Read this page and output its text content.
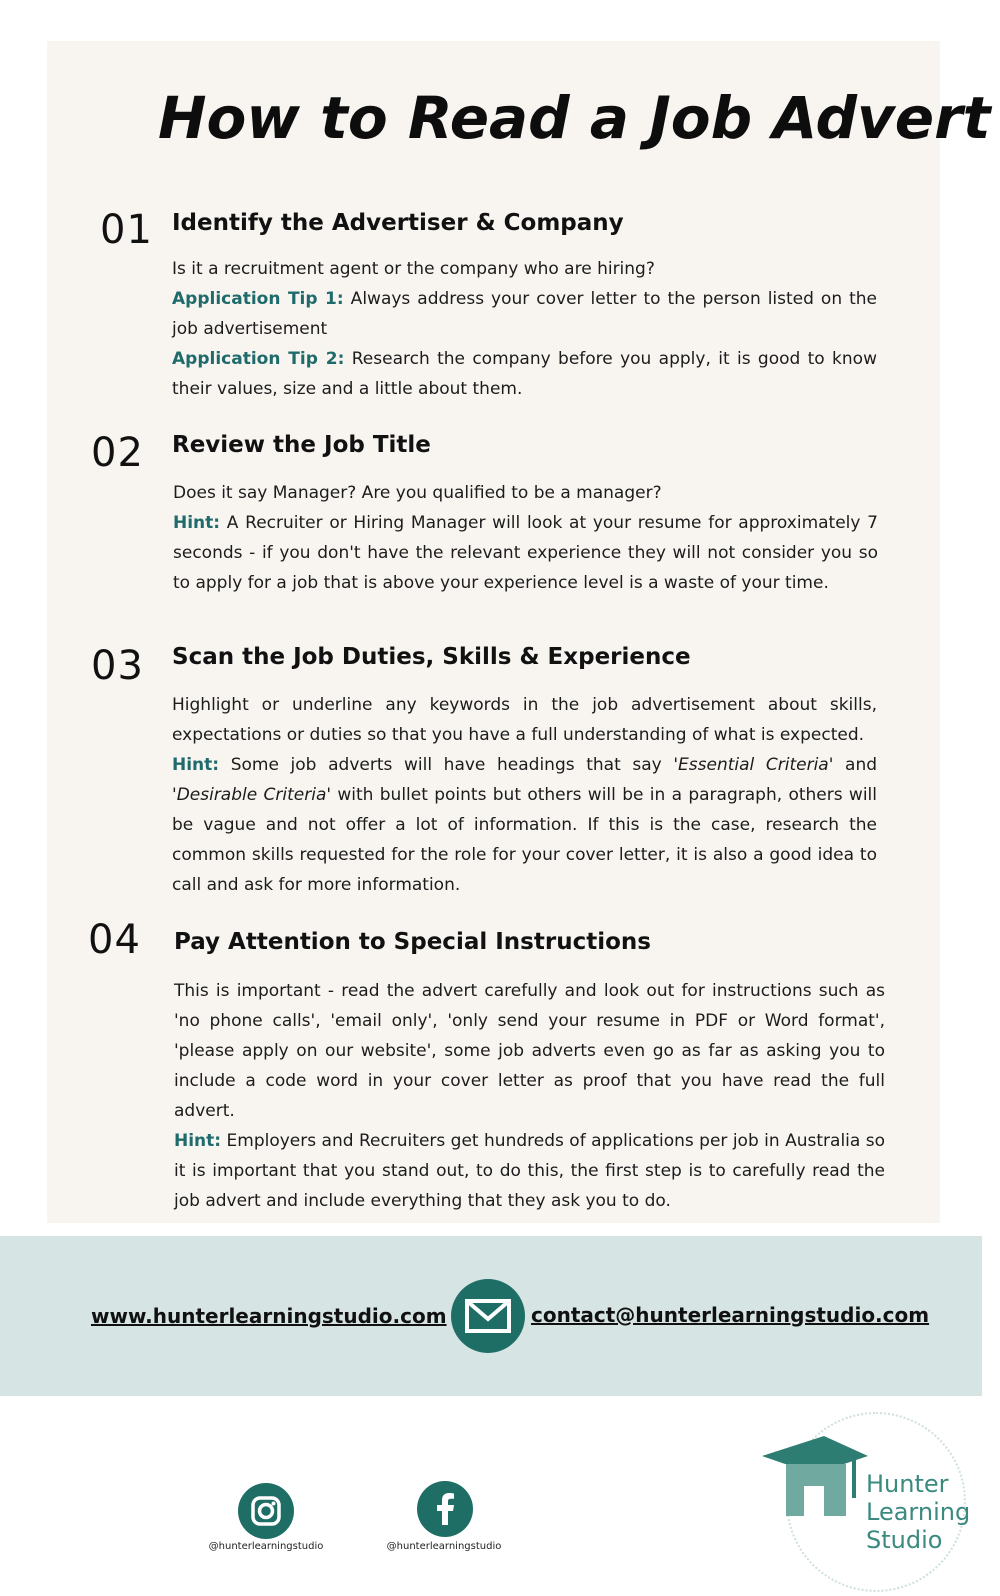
How to Read a Job Advert
01 Identify the Advertiser & Company

Is it a recruitment agent or the company who are hiring?

Application Tip 1: Always address your cover letter to the person listed on the job advertisement

Application Tip 2: Research the company before you apply, it is good to know their values, size and a little about them.

02 Review the Job Title

Does it say Manager? Are you qualified to be a manager?

Hint: A Recruiter or Hiring Manager will look at your resume for approximately 7 seconds - if you don't have the relevant experience they will not consider you so to apply for a job that is above your experience level is a waste of your time.

03 Scan the Job Duties, Skills & Experience

Highlight or underline any keywords in the job advertisement about skills, expectations or duties so that you have a full understanding of what is expected.

Hint: Some job adverts will have headings that say 'Essential Criteria' and 'Desirable Criteria' with bullet points but others will be in a paragraph, others will be vague and not offer a lot of information. If this is the case, research the common skills requested for the role for your cover letter, it is also a good idea to call and ask for more information.

04 Pay Attention to Special Instructions

This is important - read the advert carefully and look out for instructions such as 'no phone calls', 'email only', 'only send your resume in PDF or Word format', 'please apply on our website', some job adverts even go as far as asking you to include a code word in your cover letter as proof that you have read the full advert.

Hint: Employers and Recruiters get hundreds of applications per job in Australia so it is important that you stand out, to do this, the first step is to carefully read the job advert and include everything that they ask you to do.

www.hunterlearningstudio.com	contact@hunterlearningstudio.com
@hunterlearningstudio	@hunterlearningstudio
Hunter
Learning
Studio
